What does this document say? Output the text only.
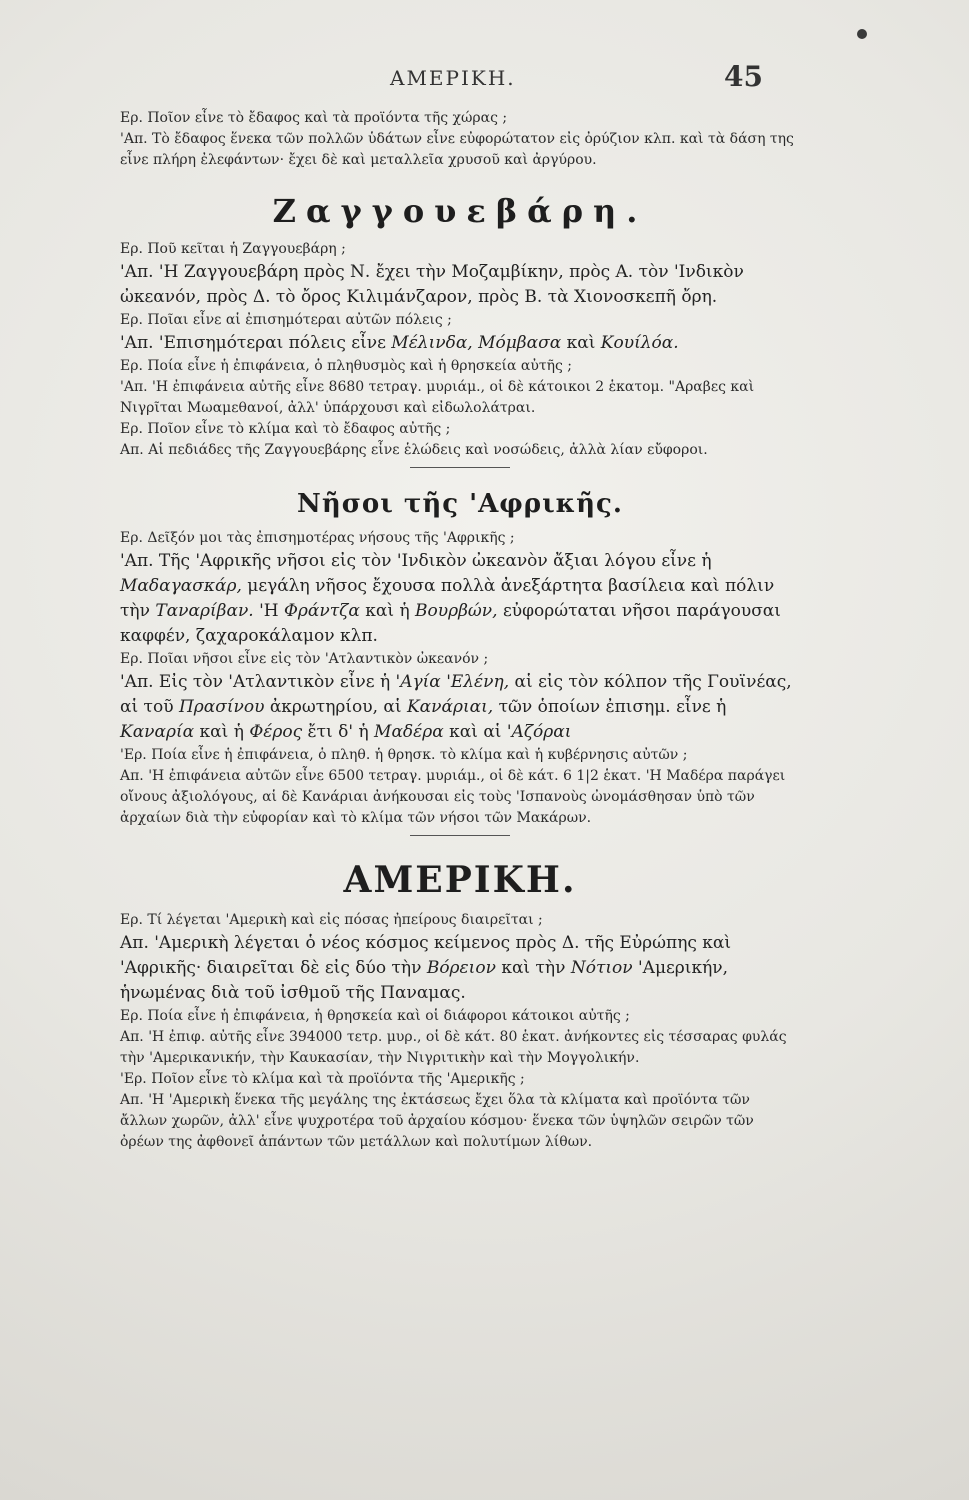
ΑΜΕΡΙΚΗ.	45

Ερ. Ποῖον εἶνε τὸ ἔδαφος καὶ τὰ προϊόντα τῆς χώρας ;

'Απ. Τὸ ἔδαφος ἕνεκα τῶν πολλῶν ὑδάτων εἶνε εὐφορώτατον εἰς ὀρύζιον κλπ. καὶ τὰ δάση της εἶνε πλήρη ἐλεφάντων· ἔχει δὲ καὶ μεταλλεῖα χρυσοῦ καὶ ἀργύρου.

Ζαγγουεβάρη.

Ερ. Ποῦ κεῖται ἡ Ζαγγουεβάρη ;

'Απ. 'Η Ζαγγουεβάρη πρὸς Ν. ἔχει τὴν Μοζαμβίκην, πρὸς Α. τὸν 'Ινδικὸν ὠκεανόν, πρὸς Δ. τὸ ὄρος Κιλιμάνζαρον, πρὸς Β. τὰ Χιονοσκεπῆ ὄρη.

Ερ. Ποῖαι εἶνε αἱ ἐπισημότεραι αὐτῶν πόλεις ;

'Απ. 'Επισημότεραι πόλεις εἶνε Μέλινδα, Μόμβασα καὶ Κουίλόα.

Ερ. Ποία εἶνε ἡ ἐπιφάνεια, ὁ πληθυσμὸς καὶ ἡ θρησκεία αὐτῆς ;

'Απ. 'Η ἐπιφάνεια αὐτῆς εἶνε 8680 τετραγ. μυριάμ., οἱ δὲ κάτοικοι 2 ἑκατομ. "Αραβες καὶ Νιγρῖται Μωαμεθανοί, ἀλλ' ὑπάρχουσι καὶ εἰδωλολάτραι.

Ερ. Ποῖον εἶνε τὸ κλίμα καὶ τὸ ἔδαφος αὐτῆς ;

Απ. Αἱ πεδιάδες τῆς Ζαγγουεβάρης εἶνε ἑλώδεις καὶ νοσώδεις, ἀλλὰ λίαν εὔφοροι.

Νῆσοι τῆς 'Αφρικῆς.

Ερ. Δεῖξόν μοι τὰς ἐπισημοτέρας νήσους τῆς 'Αφρικῆς ;

'Απ. Τῆς 'Αφρικῆς νῆσοι εἰς τὸν 'Ινδικὸν ὠκεανὸν ἄξιαι λόγου εἶνε ἡ Μαδαγασκάρ, μεγάλη νῆσος ἔχουσα πολλὰ ἀνεξάρτητα βασίλεια καὶ πόλιν τὴν Ταναρίβαν. 'Η Φράντζα καὶ ἡ Βουρβών, εὐφορώταται νῆσοι παράγουσαι καφφέν, ζαχαροκάλαμον κλπ.

Ερ. Ποῖαι νῆσοι εἶνε εἰς τὸν 'Ατλαντικὸν ὠκεανόν ;

'Απ. Εἰς τὸν 'Ατλαντικὸν εἶνε ἡ 'Αγία 'Ελένη, αἱ εἰς τὸν κόλπον τῆς Γουϊνέας, αἱ τοῦ Πρασίνου ἀκρωτηρίου, αἱ Κανάριαι, τῶν ὁποίων ἐπισημ. εἶνε ἡ Καναρία καὶ ἡ Φέρος ἔτι δ' ἡ Μαδέρα καὶ αἱ 'Αζόραι

'Ερ. Ποία εἶνε ἡ ἐπιφάνεια, ὁ πληθ. ἡ θρησκ. τὸ κλίμα καὶ ἡ κυβέρνησις αὐτῶν ;

Απ. 'Η ἐπιφάνεια αὐτῶν εἶνε 6500 τετραγ. μυριάμ., οἱ δὲ κάτ. 6 1|2 ἑκατ. 'Η Μαδέρα παράγει οἴνους ἀξιολόγους, αἱ δὲ Κανάριαι ἀνήκουσαι εἰς τοὺς 'Ισπανοὺς ὠνομάσθησαν ὑπὸ τῶν ἀρχαίων διὰ τὴν εὐφορίαν καὶ τὸ κλίμα τῶν νήσοι τῶν Μακάρων.

ΑΜΕΡΙΚΗ.

Ερ. Τί λέγεται 'Αμερικὴ καὶ εἰς πόσας ἠπείρους διαιρεῖται ;

Απ. 'Αμερικὴ λέγεται ὁ νέος κόσμος κείμενος πρὸς Δ. τῆς Εὐρώπης καὶ 'Αφρικῆς· διαιρεῖται δὲ εἰς δύο τὴν Βόρειον καὶ τὴν Νότιον 'Αμερικήν, ἡνωμένας διὰ τοῦ ἰσθμοῦ τῆς Παναμας.

Ερ. Ποία εἶνε ἡ ἐπιφάνεια, ἡ θρησκεία καὶ οἱ διάφοροι κάτοικοι αὐτῆς ;

Απ. 'Η ἐπιφ. αὐτῆς εἶνε 394000 τετρ. μυρ., οἱ δὲ κάτ. 80 ἑκατ. ἀνήκοντες εἰς τέσσαρας φυλάς τὴν 'Αμερικανικήν, τὴν Καυκασίαν, τὴν Νιγριτικὴν καὶ τὴν Μογγολικήν.

'Ερ. Ποῖον εἶνε τὸ κλίμα καὶ τὰ προϊόντα τῆς 'Αμερικῆς ;

Απ. 'Η 'Αμερικὴ ἕνεκα τῆς μεγάλης της ἐκτάσεως ἔχει ὅλα τὰ κλίματα καὶ προϊόντα τῶν ἄλλων χωρῶν, ἀλλ' εἶνε ψυχροτέρα τοῦ ἀρχαίου κόσμου· ἕνεκα τῶν ὑψηλῶν σειρῶν τῶν ὀρέων της ἀφθονεῖ ἁπάντων τῶν μετάλλων καὶ πολυτίμων λίθων.
